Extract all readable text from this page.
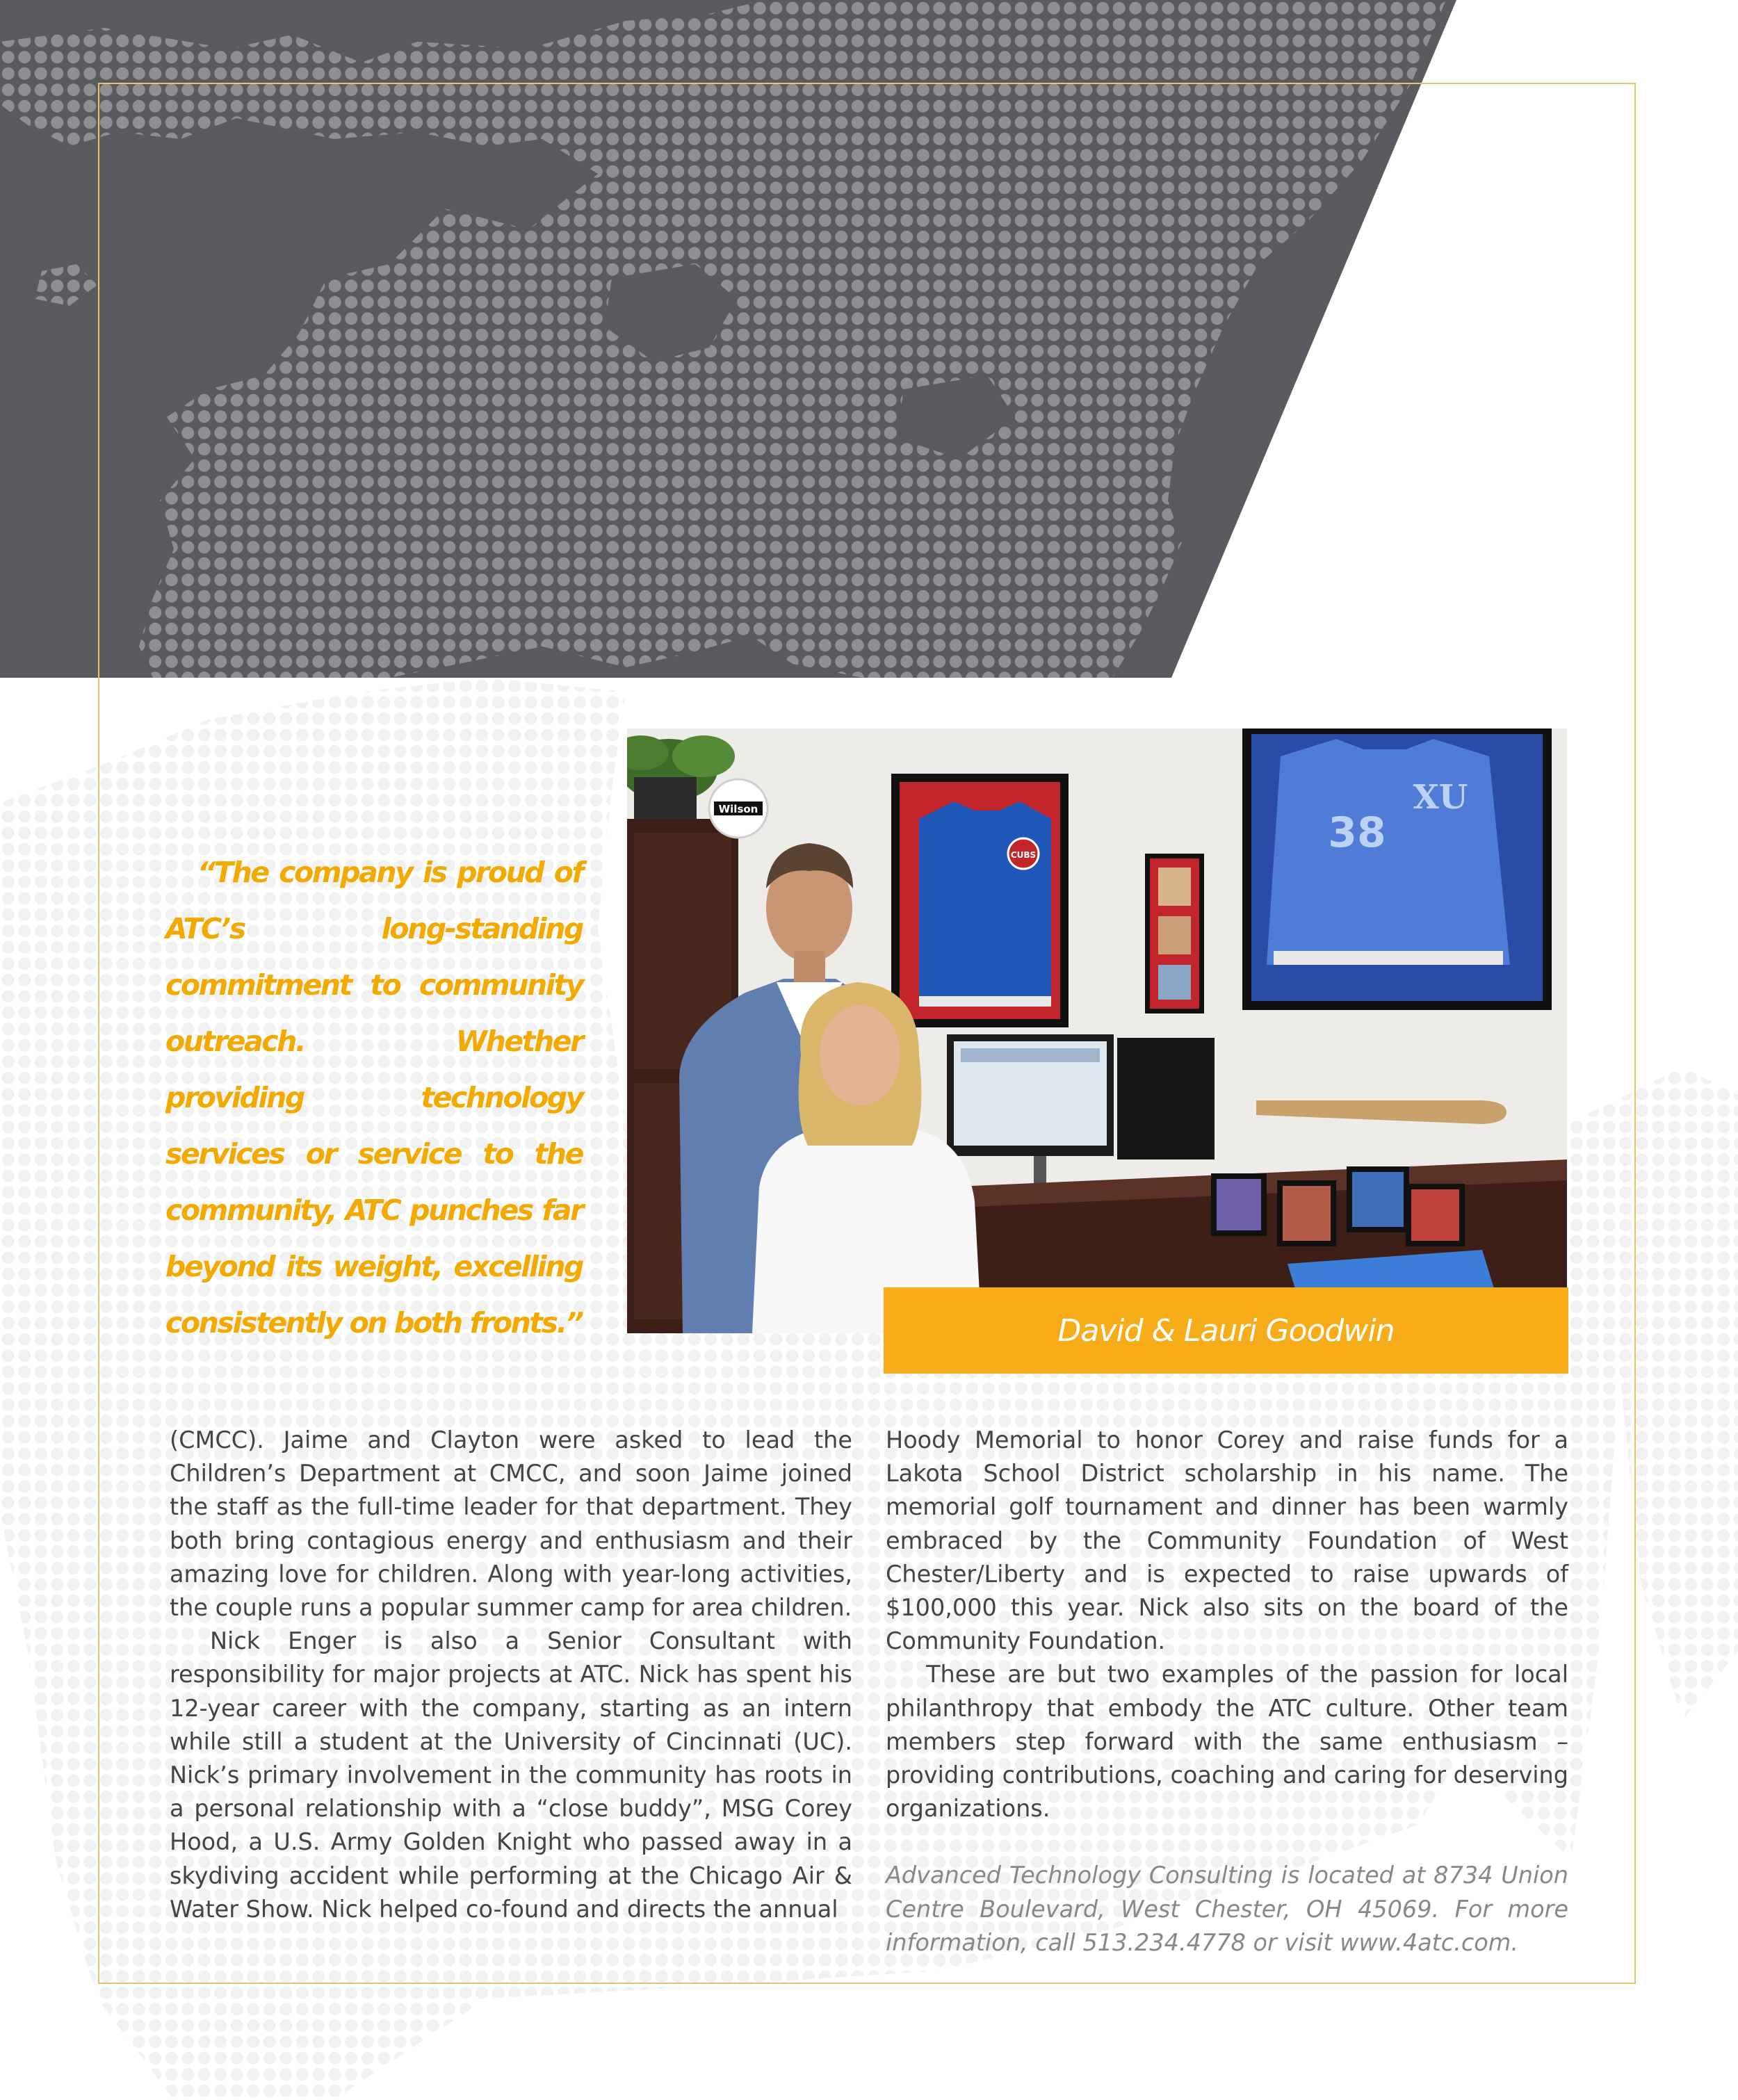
“The company is proud of ATC’s long-standing commitment to community outreach. Whether providing technology services or service to the community, ATC punches far beyond its weight, excelling consistently on both fronts.”

Wilson
CUBS	38
XU
David & Lauri Goodwin

(CMCC). Jaime and Clayton were asked to lead the Children’s Department at CMCC, and soon Jaime joined the staff as the full-time leader for that department. They both bring contagious energy and enthusiasm and their amazing love for children. Along with year-long activities, the couple runs a popular summer camp for area children.

Nick Enger is also a Senior Consultant with responsibility for major projects at ATC. Nick has spent his 12-year career with the company, starting as an intern while still a student at the University of Cincinnati (UC). Nick’s primary involvement in the community has roots in a personal relationship with a “close buddy”, MSG Corey Hood, a U.S. Army Golden Knight who passed away in a skydiving accident while performing at the Chicago Air & Water Show. Nick helped co-found and directs the annual

Hoody Memorial to honor Corey and raise funds for a Lakota School District scholarship in his name. The memorial golf tournament and dinner has been warmly embraced by the Community Foundation of West Chester/Liberty and is expected to raise upwards of $100,000 this year. Nick also sits on the board of the Community Foundation.

These are but two examples of the passion for local philanthropy that embody the ATC culture. Other team members step forward with the same enthusiasm – providing contributions, coaching and caring for deserving organizations.

Advanced Technology Consulting is located at 8734 Union Centre Boulevard, West Chester, OH 45069. For more information, call 513.234.4778 or visit www.4atc.com.
